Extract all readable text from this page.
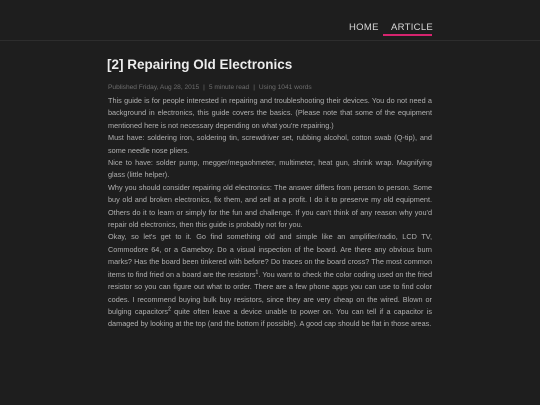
HOME ARTICLE
[2] Repairing Old Electronics
Published Friday, Aug 28, 2015 | 5 minute read | Using 1041 words

This guide is for people interested in repairing and troubleshooting their devices. You do not need a background in electronics, this guide covers the basics. (Please note that some of the equipment mentioned here is not necessary depending on what you're repairing.)

Must have: soldering iron, soldering tin, screwdriver set, rubbing alcohol, cotton swab (Q-tip), and some needle nose pliers.

Nice to have: solder pump, megger/megaohmeter, multimeter, heat gun, shrink wrap. Magnifying glass (little helper).

Why you should consider repairing old electronics: The answer differs from person to person. Some buy old and broken electronics, fix them, and sell at a profit. I do it to preserve my old equipment. Others do it to learn or simply for the fun and challenge. If you can't think of any reason why you'd repair old electronics, then this guide is probably not for you.

Okay, so let's get to it. Go find something old and simple like an amplifier/radio, LCD TV, Commodore 64, or a Gameboy. Do a visual inspection of the board. Are there any obvious burn marks? Has the board been tinkered with before? Do traces on the board cross? The most common items to find fried on a board are the resistors$^1$. You want to check the color coding used on the fried resistor so you can figure out what to order. There are a few phone apps you can use to find color codes. I recommend buying bulk buy resistors, since they are very cheap on the wired. Blown or bulging capacitors$^2$ quite often leave a device unable to power on. You can tell if a capacitor is damaged by looking at the top (and the bottom if possible). A good cap should be flat in those areas.
